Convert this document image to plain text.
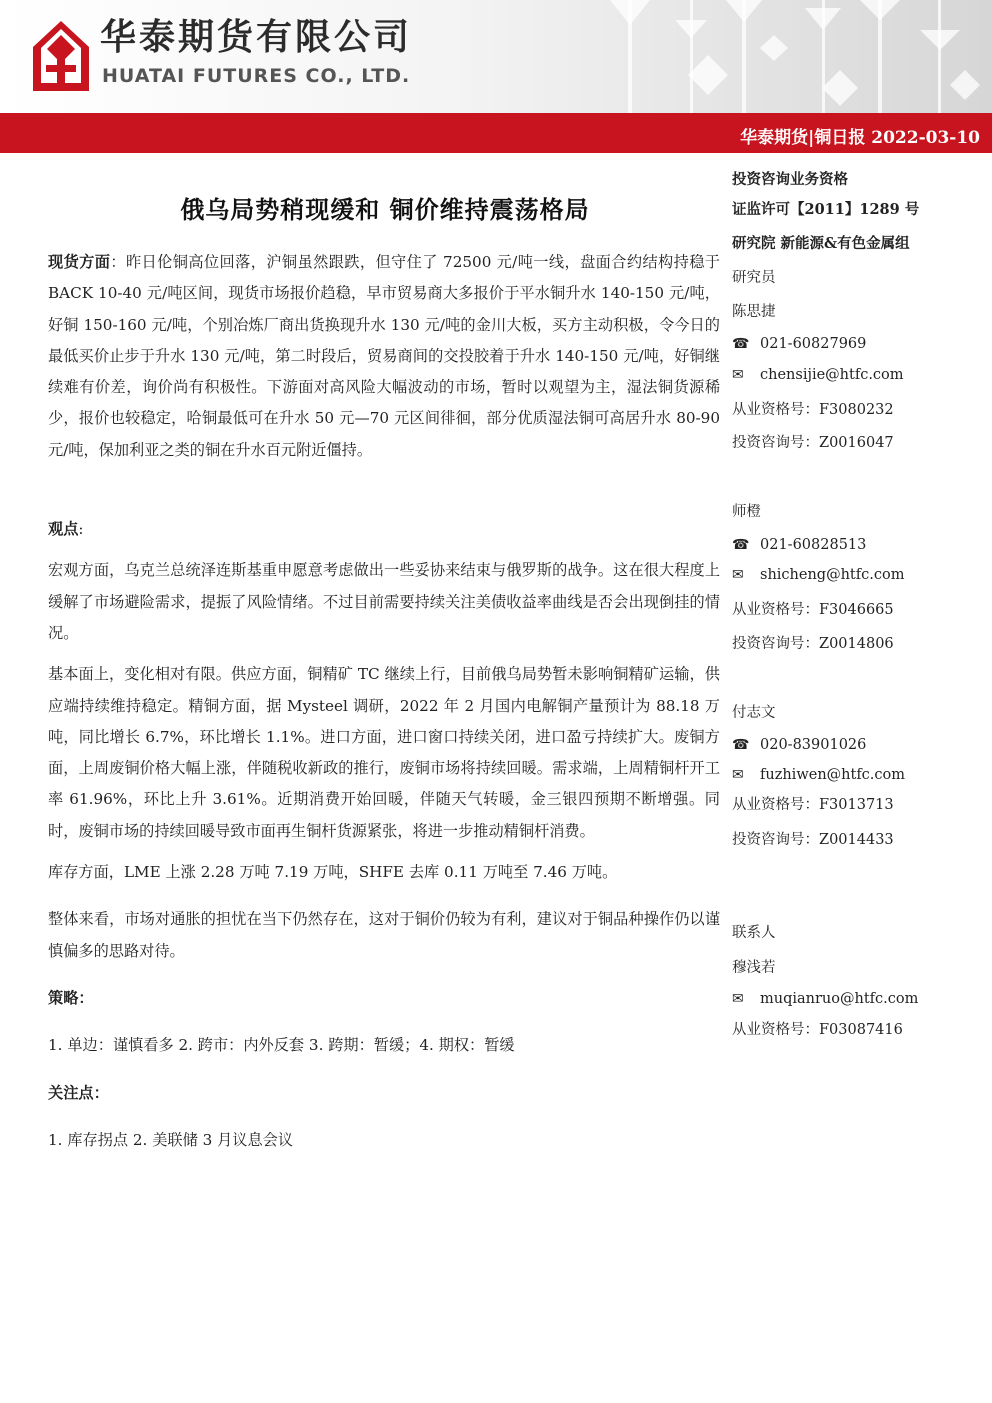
华泰期货有限公司
HUATAI FUTURES CO., LTD.
华泰期货|铜日报 2022-03-10
俄乌局势稍现缓和 铜价维持震荡格局

现货方面：昨日伦铜高位回落，沪铜虽然跟跌，但守住了 72500 元/吨一线，盘面合约结构持稳于 BACK 10-40 元/吨区间，现货市场报价趋稳，早市贸易商大多报价于平水铜升水 140-150 元/吨，好铜 150-160 元/吨，个别冶炼厂商出货换现升水 130 元/吨的金川大板，买方主动积极，令今日的最低买价止步于升水 130 元/吨，第二时段后，贸易商间的交投胶着于升水 140-150 元/吨，好铜继续难有价差，询价尚有积极性。下游面对高风险大幅波动的市场，暂时以观望为主，湿法铜货源稀少，报价也较稳定，哈铜最低可在升水 50 元—70 元区间徘徊，部分优质湿法铜可高居升水 80-90 元/吨，保加利亚之类的铜在升水百元附近僵持。

观点:

宏观方面，乌克兰总统泽连斯基重申愿意考虑做出一些妥协来结束与俄罗斯的战争。这在很大程度上缓解了市场避险需求，提振了风险情绪。不过目前需要持续关注美债收益率曲线是否会出现倒挂的情况。

基本面上，变化相对有限。供应方面，铜精矿 TC 继续上行，目前俄乌局势暂未影响铜精矿运输，供应端持续维持稳定。精铜方面，据 Mysteel 调研，2022 年 2 月国内电解铜产量预计为 88.18 万吨，同比增长 6.7%，环比增长 1.1%。进口方面，进口窗口持续关闭，进口盈亏持续扩大。废铜方面，上周废铜价格大幅上涨，伴随税收新政的推行，废铜市场将持续回暖。需求端，上周精铜杆开工率 61.96%，环比上升 3.61%。近期消费开始回暖，伴随天气转暖，金三银四预期不断增强。同时，废铜市场的持续回暖导致市面再生铜杆货源紧张，将进一步推动精铜杆消费。

库存方面，LME 上涨 2.28 万吨 7.19 万吨，SHFE 去库 0.11 万吨至 7.46 万吨。

整体来看，市场对通胀的担忧在当下仍然存在，这对于铜价仍较为有利，建议对于铜品种操作仍以谨慎偏多的思路对待。

策略：

1. 单边：谨慎看多 2. 跨市：内外反套 3. 跨期：暂缓；4. 期权：暂缓

关注点：

1. 库存拐点 2. 美联储 3 月议息会议

投资咨询业务资格
证监许可【2011】1289 号
研究院 新能源&有色金属组
研究员
陈思捷
☎ 021-60827969
✉ chensijie@htfc.com
从业资格号：F3080232
投资咨询号：Z0016047
师橙
☎ 021-60828513
✉ shicheng@htfc.com
从业资格号：F3046665
投资咨询号：Z0014806
付志文
☎ 020-83901026
✉ fuzhiwen@htfc.com
从业资格号：F3013713
投资咨询号：Z0014433
联系人
穆浅若
✉ muqianruo@htfc.com
从业资格号：F03087416
